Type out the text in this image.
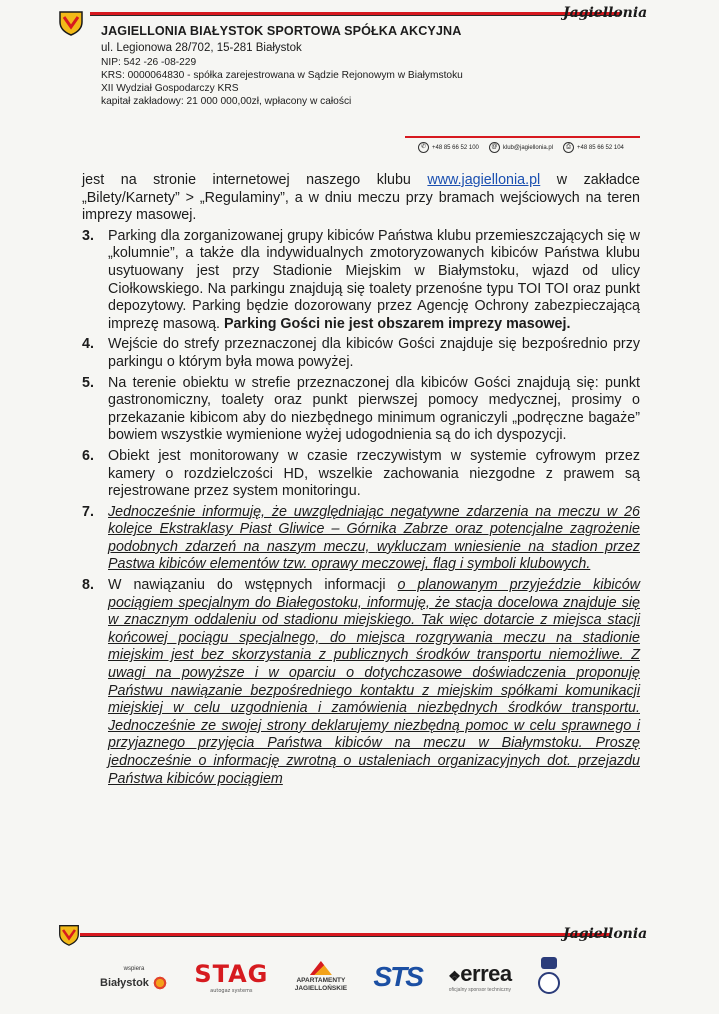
Jagiellonia
JAGIELLONIA BIAŁYSTOK SPORTOWA SPÓŁKA AKCYJNA
ul. Legionowa 28/702, 15-281 Białystok
NIP: 542 -26 -08-229
KRS: 0000064830 - spółka zarejestrowana w Sądzie Rejonowym w Białymstoku
XII Wydział Gospodarczy KRS
kapitał zakładowy: 21 000 000,00zł, wpłacony w całości
✆ +48 85 66 52 100	@ klub@jagiellonia.pl	⎙	+48 85 66 52 104

jest na stronie internetowej naszego klubu www.jagiellonia.pl w zakładce „Bilety/Karnety” > „Regulaminy”, a w dniu meczu przy bramach wejściowych na teren imprezy masowej.

3. Parking dla zorganizowanej grupy kibiców Państwa klubu przemieszczających się w „kolumnie”, a także dla indywidualnych zmotoryzowanych kibiców Państwa klubu usytuowany jest przy Stadionie Miejskim w Białymstoku, wjazd od ulicy Ciołkowskiego. Na parkingu znajdują się toalety przenośne typu TOI TOI oraz punkt depozytowy. Parking będzie dozorowany przez Agencję Ochrony zabezpieczającą imprezę masową. Parking Gości nie jest obszarem imprezy masowej.
4. Wejście do strefy przeznaczonej dla kibiców Gości znajduje się bezpośrednio przy parkingu o którym była mowa powyżej.
5. Na terenie obiektu w strefie przeznaczonej dla kibiców Gości znajdują się: punkt gastronomiczny, toalety oraz punkt pierwszej pomocy medycznej, prosimy o przekazanie kibicom aby do niezbędnego minimum ograniczyli „podręczne bagaże” bowiem wszystkie wymienione wyżej udogodnienia są do ich dyspozycji.
6. Obiekt jest monitorowany w czasie rzeczywistym w systemie cyfrowym przez kamery o rozdzielczości HD, wszelkie zachowania niezgodne z prawem są rejestrowane przez system monitoringu.
7. Jednocześnie informuję, że uwzględniając negatywne zdarzenia na meczu w 26 kolejce Ekstraklasy Piast Gliwice – Górnika Zabrze oraz potencjalne zagrożenie podobnych zdarzeń na naszym meczu, wykluczam wniesienie na stadion przez Pastwa kibiców elementów tzw. oprawy meczowej, flag i symboli klubowych.
8. W nawiązaniu do wstępnych informacji o planowanym przyjeździe kibiców pociągiem specjalnym do Białegostoku, informuję, że stacja docelowa znajduje się w znacznym oddaleniu od stadionu miejskiego. Tak więc dotarcie z miejsca stacji końcowej pociągu specjalnego, do miejsca rozgrywania meczu na stadionie miejskim jest bez skorzystania z publicznych środków transportu niemożliwe. Z uwagi na powyższe i w oparciu o dotychczasowe doświadczenia proponuję Państwu nawiązanie bezpośredniego kontaktu z miejskim spółkami komunikacji miejskiej w celu uzgodnienia i zamówienia niezbędnych środków transportu. Jednocześnie ze swojej strony deklarujemy niezbędną pomoc w celu sprawnego i przyjaznego przyjęcia Państwa kibiców na meczu w Białymstoku. Proszę jednocześnie o informację zwrotną o ustaleniach organizacyjnych dot. przejazdu Państwa kibiców pociągiem
Jagiellonia
wspiera
Białystok	STAG
autogaz systems
APARTAMENTY
JAGIELLOŃSKIE STS ❖errea
oficjalny sponsor techniczny
